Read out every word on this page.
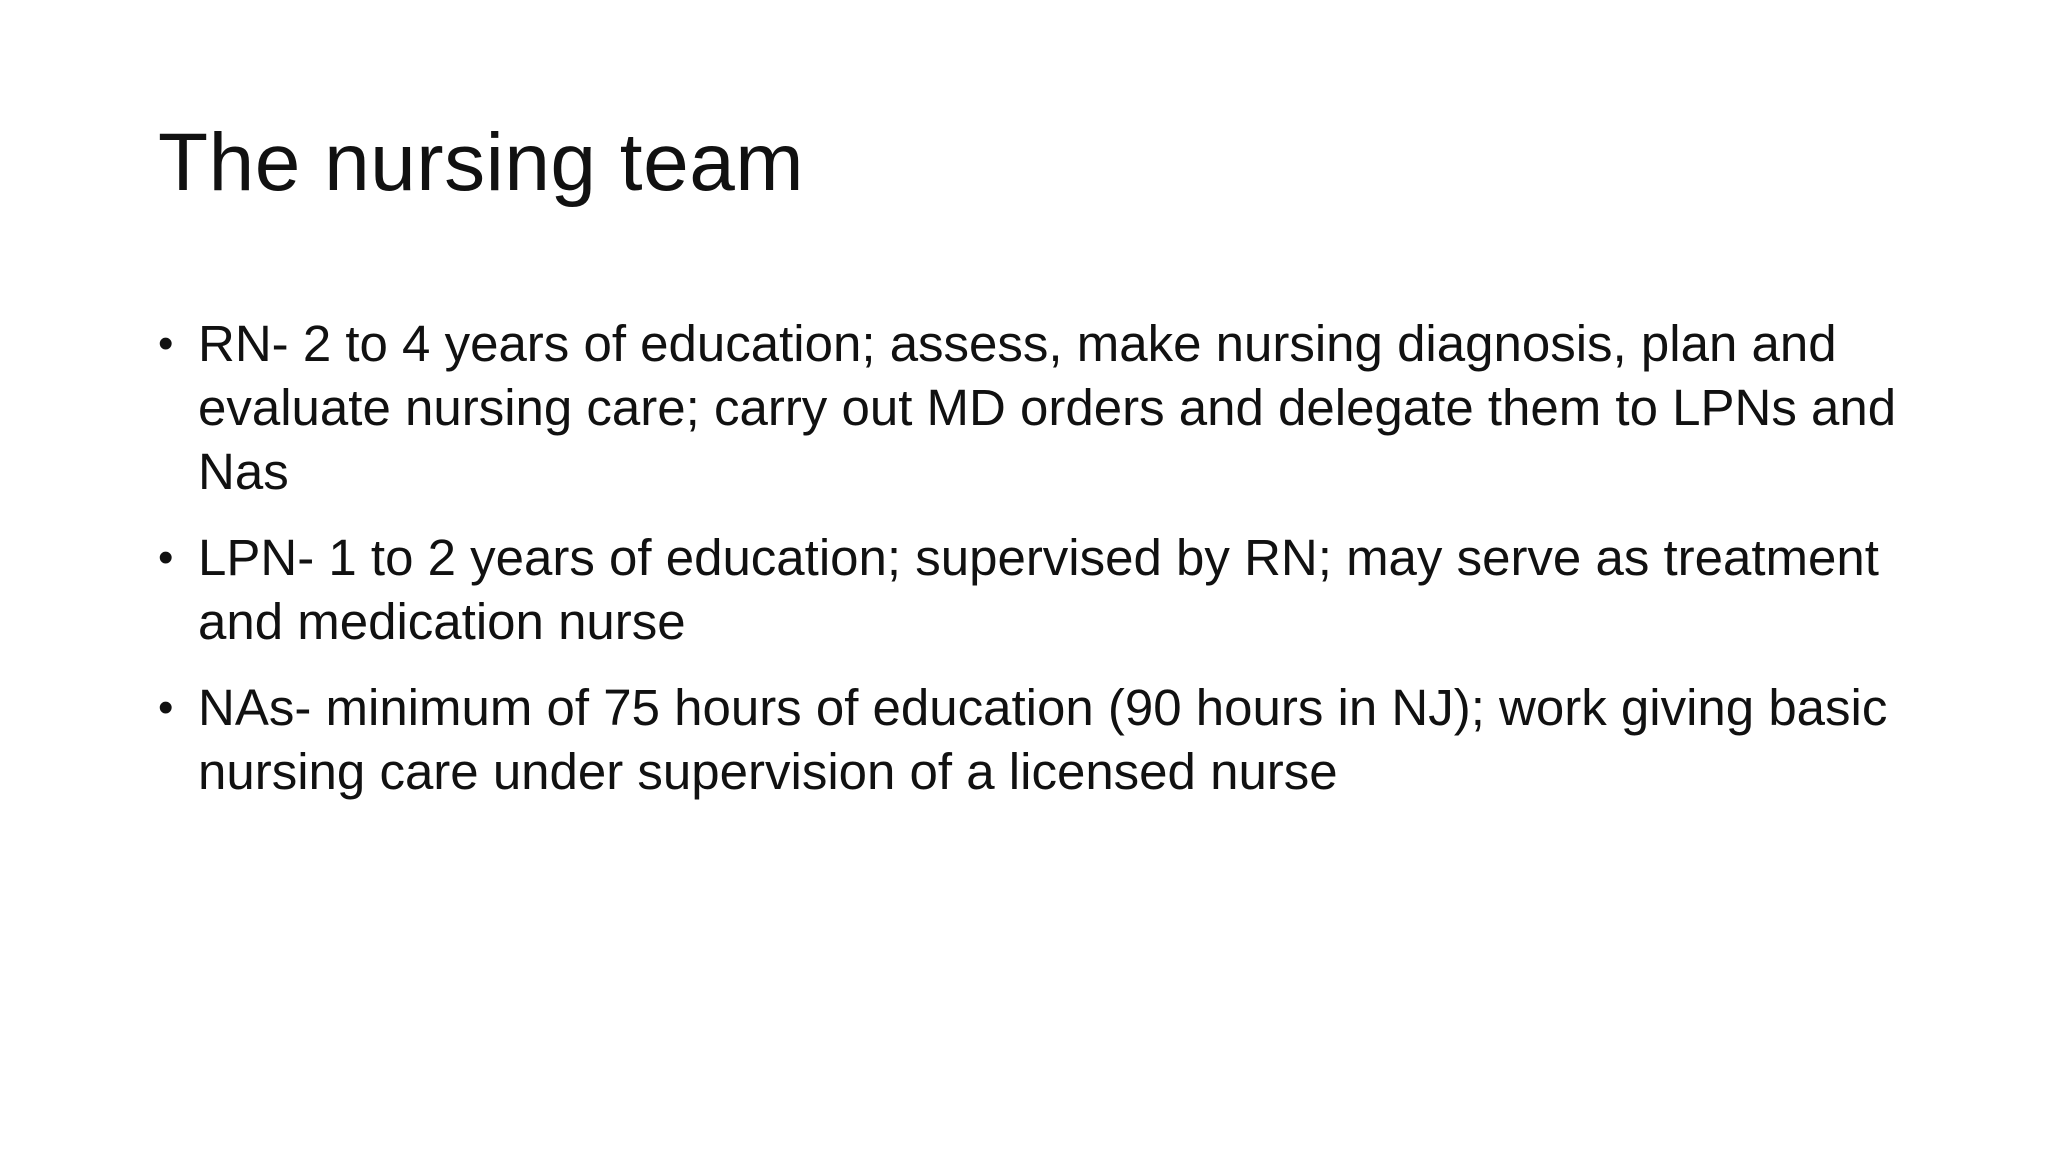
The nursing team
• RN- 2 to 4 years of education; assess, make nursing diagnosis, plan and evaluate nursing care; carry out MD orders and delegate them to LPNs and Nas
• LPN- 1 to 2 years of education; supervised by RN; may serve as treatment and medication nurse
• NAs- minimum of 75 hours of education (90 hours in NJ); work giving basic nursing care under supervision of a licensed nurse
